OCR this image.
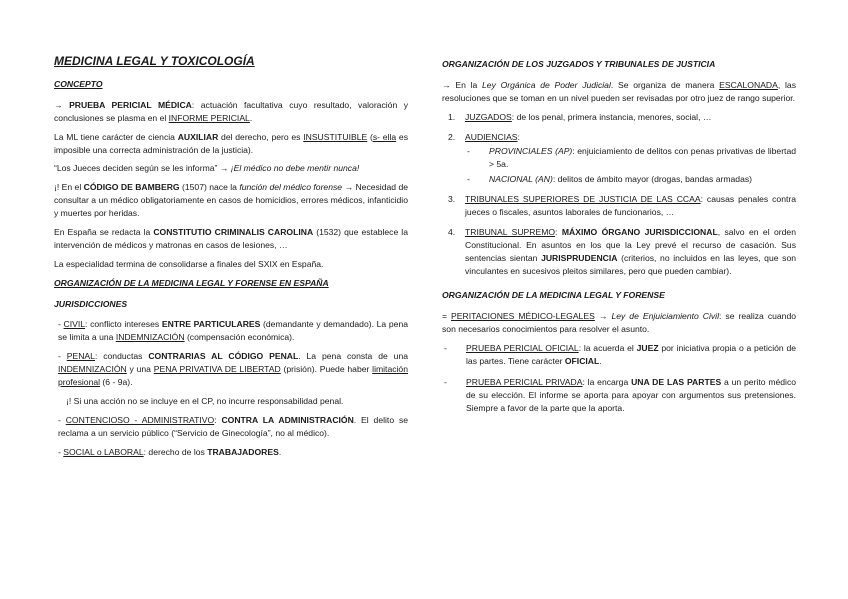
MEDICINA LEGAL Y TOXICOLOGÍA
CONCEPTO

→ PRUEBA PERICIAL MÉDICA: actuación facultativa cuyo resultado, valoración y conclusiones se plasma en el INFORME PERICIAL.

La ML tiene carácter de ciencia AUXILIAR del derecho, pero es INSUSTITUIBLE (s- ella es imposible una correcta administración de la justicia).

“Los Jueces deciden según se les informa” → ¡El médico no debe mentir nunca!

¡! En el CÓDIGO DE BAMBERG (1507) nace la función del médico forense → Necesidad de consultar a un médico obligatoriamente en casos de homicidios, errores médicos, infanticidio y muertes por heridas.

En España se redacta la CONSTITUTIO CRIMINALIS CAROLINA (1532) que establece la intervención de médicos y matronas en casos de lesiones, …

La especialidad termina de consolidarse a finales del SXIX en España.

ORGANIZACIÓN DE LA MEDICINA LEGAL Y FORENSE EN ESPAÑA
JURISDICCIONES

- CIVIL: conflicto intereses ENTRE PARTICULARES (demandante y demandado). La pena se limita a una INDEMNIZACIÓN (compensación económica).

- PENAL: conductas CONTRARIAS AL CÓDIGO PENAL. La pena consta de una INDEMNIZACIÓN y una PENA PRIVATIVA DE LIBERTAD (prisión). Puede haber limitación profesional (6 - 9a).

¡! Si una acción no se incluye en el CP, no incurre responsabilidad penal.

- CONTENCIOSO - ADMINISTRATIVO: CONTRA LA ADMINISTRACIÓN. El delito se reclama a un servicio público (“Servicio de Ginecología”, no al médico).

- SOCIAL o LABORAL: derecho de los TRABAJADORES.

ORGANIZACIÓN DE LOS JUZGADOS Y TRIBUNALES DE JUSTICIA

→ En la Ley Orgánica de Poder Judicial. Se organiza de manera ESCALONADA, las resoluciones que se toman en un nivel pueden ser revisadas por otro juez de rango superior.

1. JUZGADOS: de los penal, primera instancia, menores, social, …
2. AUDIENCIAS:
- PROVINCIALES (AP): enjuiciamiento de delitos con penas privativas de libertad > 5a.
- NACIONAL (AN): delitos de ámbito mayor (drogas, bandas armadas)
3. TRIBUNALES SUPERIORES DE JUSTICIA DE LAS CCAA: causas penales contra jueces o fiscales, asuntos laborales de funcionarios, …
4. TRIBUNAL SUPREMO: MÁXIMO ÓRGANO JURISDICCIONAL, salvo en el orden Constitucional. En asuntos en los que la Ley prevé el recurso de casación. Sus sentencias sientan JURISPRUDENCIA (criterios, no incluidos en las leyes, que son vinculantes en sucesivos pleitos similares, pero que pueden cambiar).
ORGANIZACIÓN DE LA MEDICINA LEGAL Y FORENSE

= PERITACIONES MÉDICO-LEGALES → Ley de Enjuiciamiento Civil: se realiza cuando son necesarios conocimientos para resolver el asunto.

- PRUEBA PERICIAL OFICIAL: la acuerda el JUEZ por iniciativa propia o a petición de las partes. Tiene carácter OFICIAL.
- PRUEBA PERICIAL PRIVADA: la encarga UNA DE LAS PARTES a un perito médico de su elección. El informe se aporta para apoyar con argumentos sus pretensiones. Siempre a favor de la parte que la aporta.
